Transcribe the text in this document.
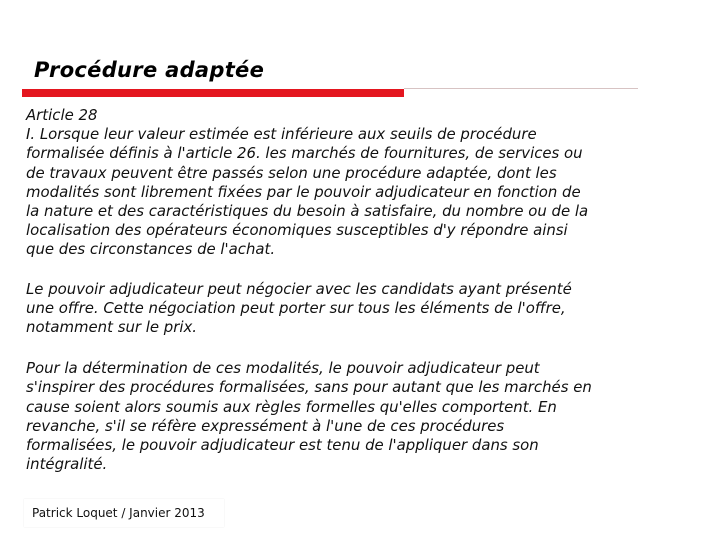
Procédure adaptée

Article 28

I. Lorsque leur valeur estimée est inférieure aux seuils de procédure
formalisée définis à l'article 26. les marchés de fournitures, de services ou
de travaux peuvent être passés selon une procédure adaptée, dont les
modalités sont librement fixées par le pouvoir adjudicateur en fonction de
la nature et des caractéristiques du besoin à satisfaire, du nombre ou de la
localisation des opérateurs économiques susceptibles d'y répondre ainsi
que des circonstances de l'achat.

Le pouvoir adjudicateur peut négocier avec les candidats ayant présenté
une offre. Cette négociation peut porter sur tous les éléments de l'offre,
notamment sur le prix.

Pour la détermination de ces modalités, le pouvoir adjudicateur peut
s'inspirer des procédures formalisées, sans pour autant que les marchés en
cause soient alors soumis aux règles formelles qu'elles comportent. En
revanche, s'il se réfère expressément à l'une de ces procédures
formalisées, le pouvoir adjudicateur est tenu de l'appliquer dans son
intégralité.

Patrick Loquet / Janvier 2013
